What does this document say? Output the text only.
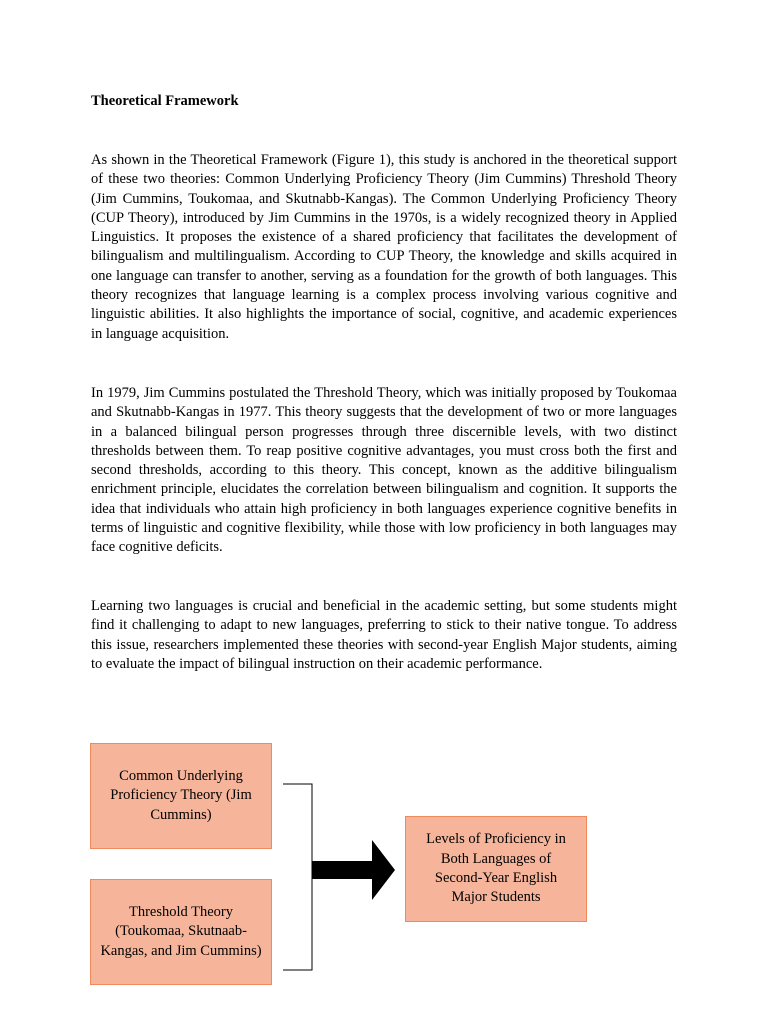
Theoretical Framework

As shown in the Theoretical Framework (Figure 1), this study is anchored in the theoretical support of these two theories: Common Underlying Proficiency Theory (Jim Cummins) Threshold Theory (Jim Cummins, Toukomaa, and Skutnabb-Kangas). The Common Underlying Proficiency Theory (CUP Theory), introduced by Jim Cummins in the 1970s, is a widely recognized theory in Applied Linguistics. It proposes the existence of a shared proficiency that facilitates the development of bilingualism and multilingualism. According to CUP Theory, the knowledge and skills acquired in one language can transfer to another, serving as a foundation for the growth of both languages. This theory recognizes that language learning is a complex process involving various cognitive and linguistic abilities. It also highlights the importance of social, cognitive, and academic experiences in language acquisition.

In 1979, Jim Cummins postulated the Threshold Theory, which was initially proposed by Toukomaa and Skutnabb-Kangas in 1977. This theory suggests that the development of two or more languages in a balanced bilingual person progresses through three discernible levels, with two distinct thresholds between them. To reap positive cognitive advantages, you must cross both the first and second thresholds, according to this theory. This concept, known as the additive bilingualism enrichment principle, elucidates the correlation between bilingualism and cognition. It supports the idea that individuals who attain high proficiency in both languages experience cognitive benefits in terms of linguistic and cognitive flexibility, while those with low proficiency in both languages may face cognitive deficits.

Learning two languages is crucial and beneficial in the academic setting, but some students might find it challenging to adapt to new languages, preferring to stick to their native tongue. To address this issue, researchers implemented these theories with second-year English Major students, aiming to evaluate the impact of bilingual instruction on their academic performance.

Common Underlying Proficiency Theory (Jim Cummins)
Threshold Theory (Toukomaa, Skutnaab-Kangas, and Jim Cummins)
Levels of Proficiency in Both Languages of Second-Year English Major Students
